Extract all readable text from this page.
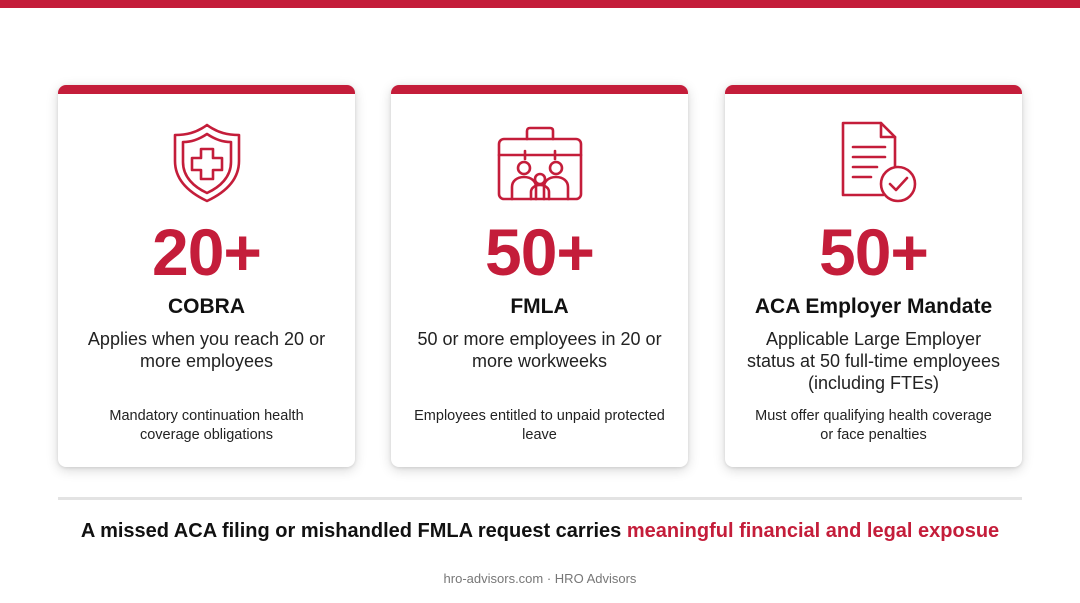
20+
COBRA
Applies when you reach 20 or more employees
Mandatory continuation health coverage obligations
50+
FMLA
50 or more employees in 20 or more workweeks
Employees entitled to unpaid protected leave
50+
ACA Employer Mandate
Applicable Large Employer status at 50 full-time employees (including FTEs)
Must offer qualifying health coverage or face penalties
A missed ACA filing or mishandled FMLA request carries meaningful financial and legal exposue
hro-advisors.com · HRO Advisors
